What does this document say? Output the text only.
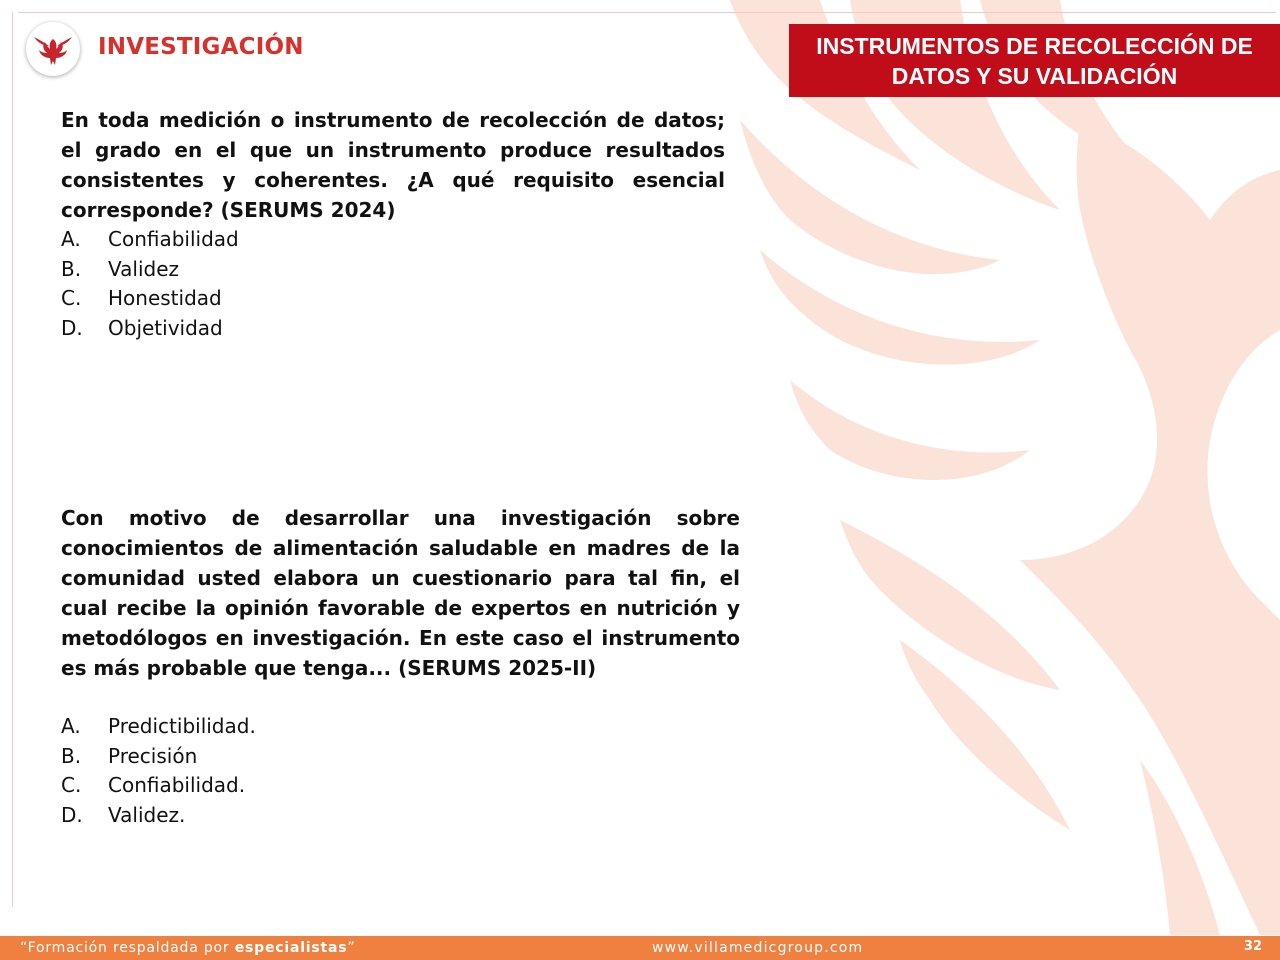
INVESTIGACIÓN	INSTRUMENTOS DE RECOLECCIÓN DE
DATOS Y SU VALIDACIÓN

En toda medición o instrumento de recolección de datos; el grado en el que un instrumento produce resultados consistentes y coherentes. ¿A qué requisito esencial corresponde? (SERUMS 2024)

A.	Confiabilidad
B.	Validez
C.	Honestidad
D.	Objetividad

Con motivo de desarrollar una investigación sobre conocimientos de alimentación saludable en madres de la comunidad usted elabora un cuestionario para tal fin, el cual recibe la opinión favorable de expertos en nutrición y metodólogos en investigación. En este caso el instrumento es más probable que tenga... (SERUMS 2025-II)

A.	Predictibilidad.
B.	Precisión
C.	Confiabilidad.
D.	Validez.
“Formación respaldada por especialistas”	www.villamedicgroup.com	32
